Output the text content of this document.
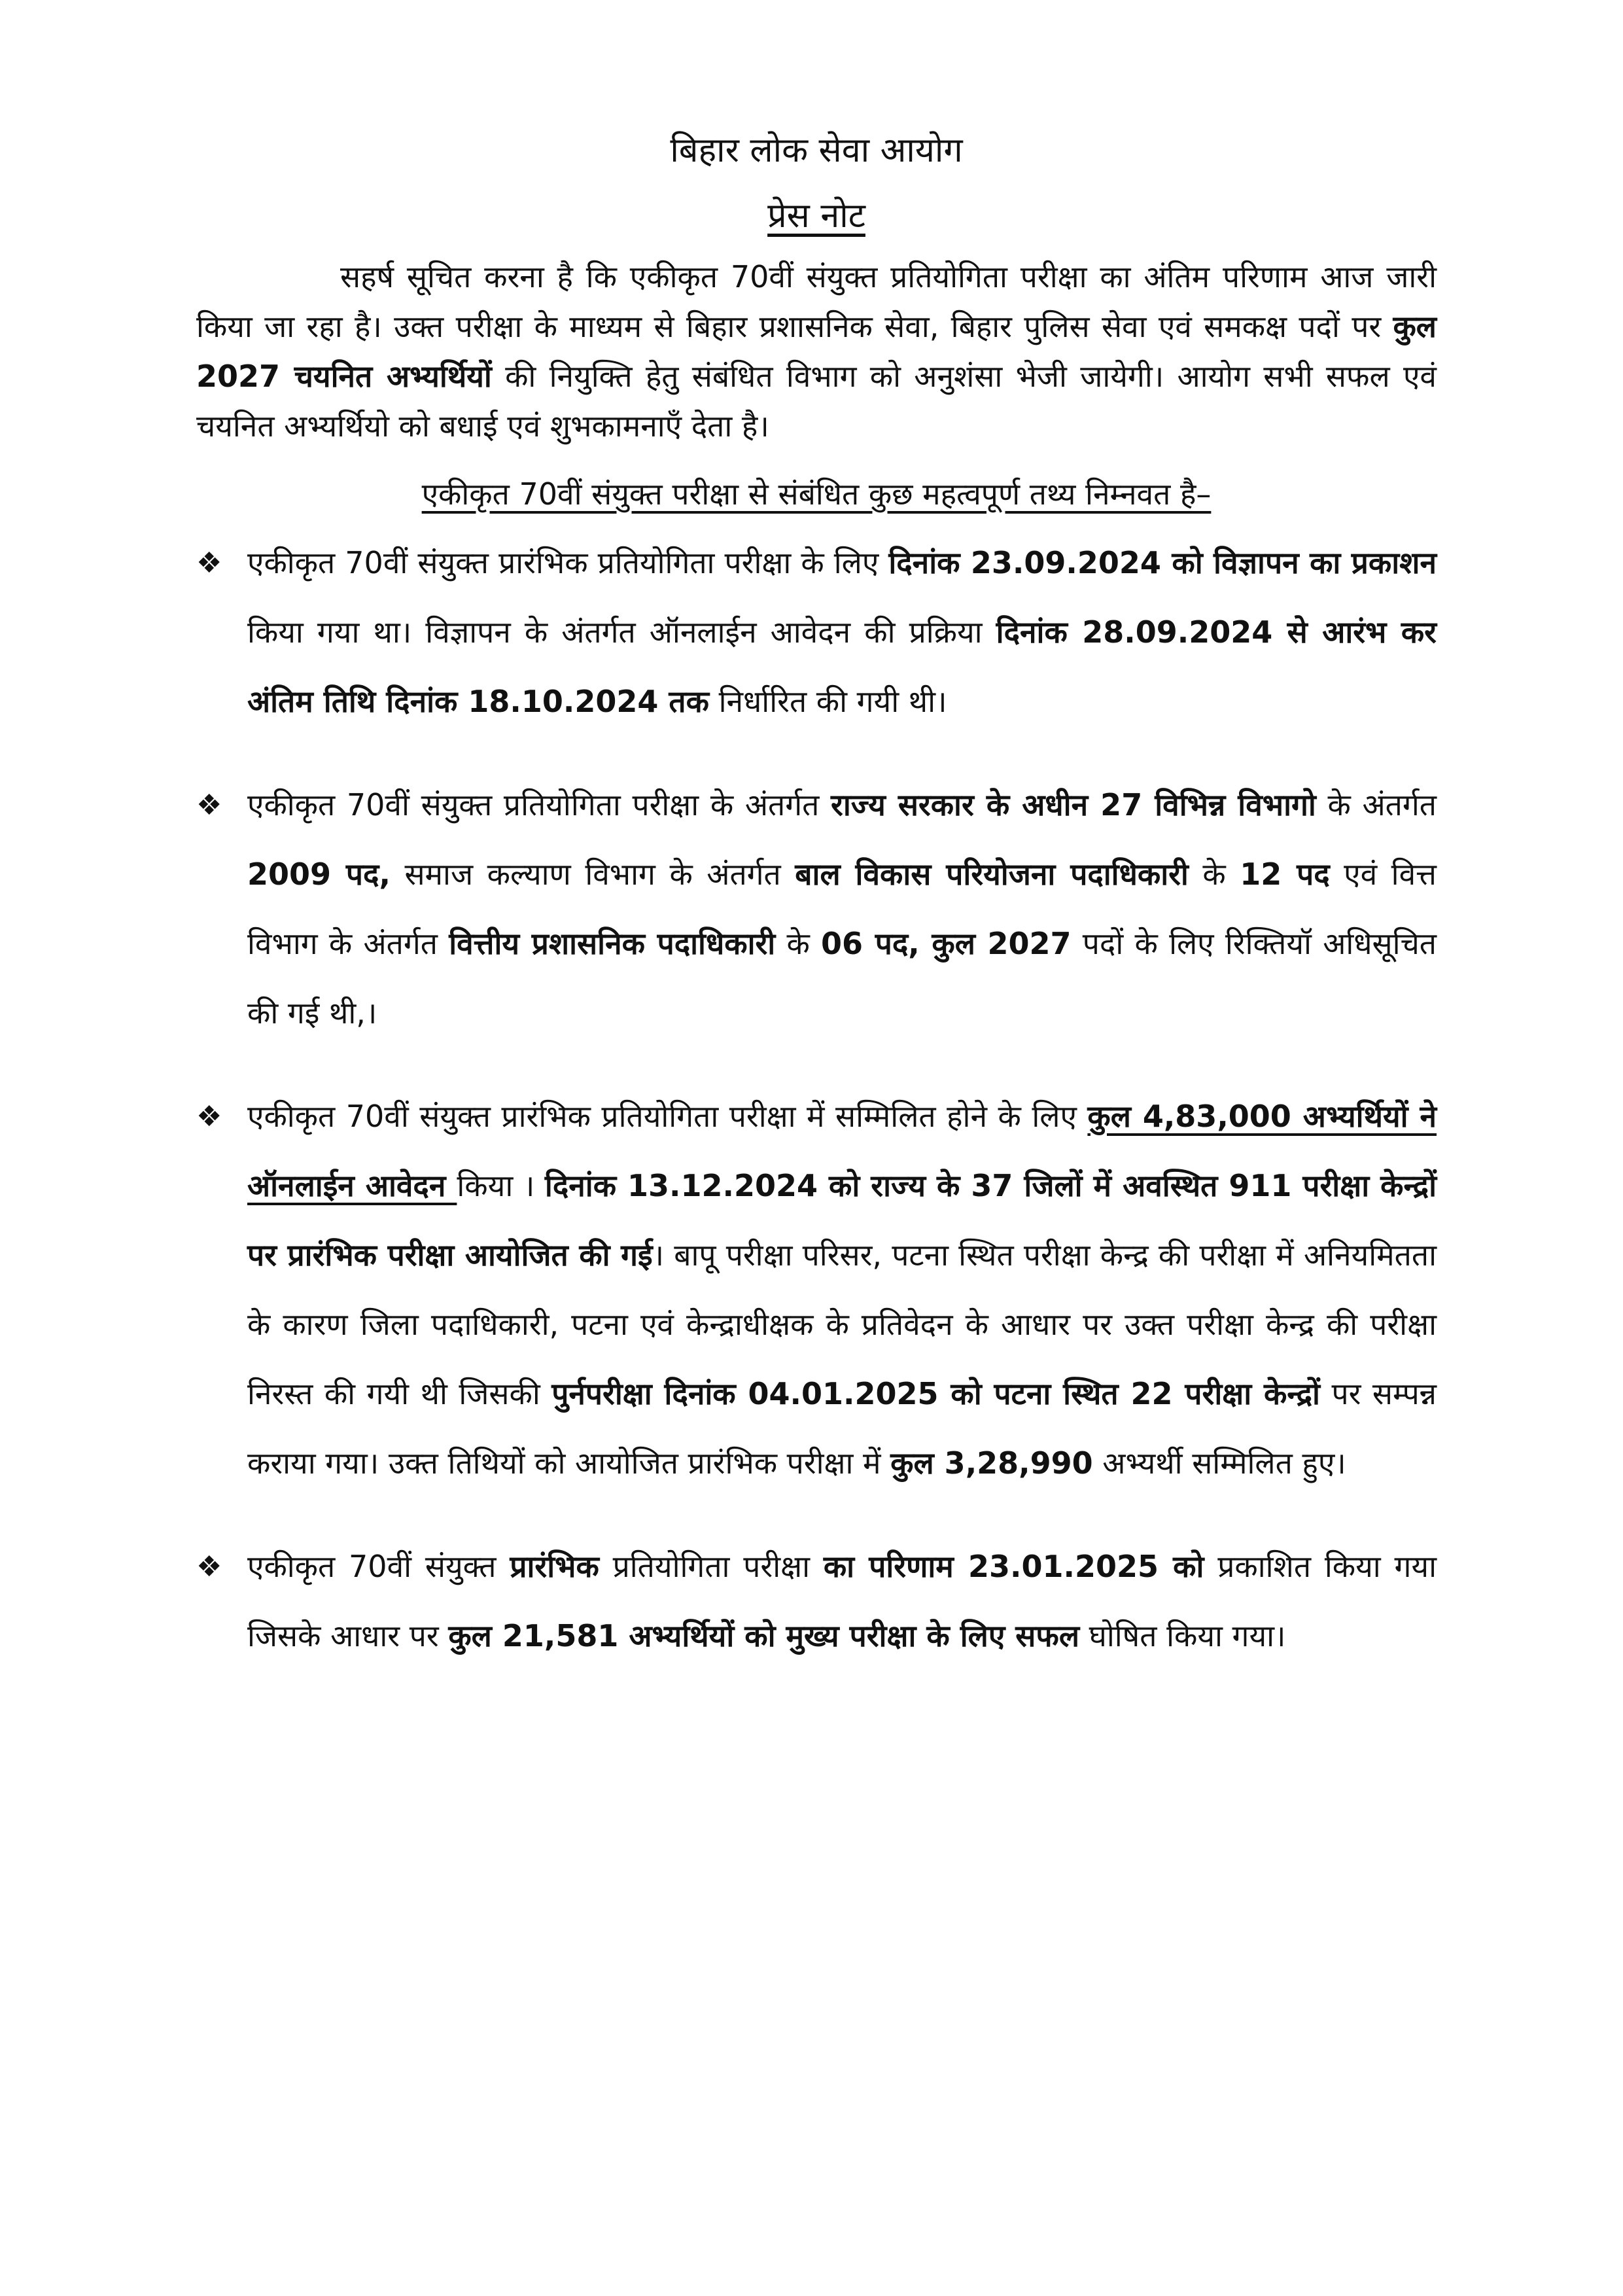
बिहार लोक सेवा आयोग
प्रेस नोट

सहर्ष सूचित करना है कि एकीकृत 70वीं संयुक्त प्रतियोगिता परीक्षा का अंतिम परिणाम आज जारी किया जा रहा है। उक्त परीक्षा के माध्यम से बिहार प्रशासनिक सेवा, बिहार पुलिस सेवा एवं समकक्ष पदों पर कुल 2027 चयनित अभ्यर्थियों की नियुक्ति हेतु संबंधित विभाग को अनुशंसा भेजी जायेगी। आयोग सभी सफल एवं चयनित अभ्यर्थियो को बधाई एवं शुभकामनाएँ देता है।

एकीकृत 70वीं संयुक्त परीक्षा से संबंधित कुछ महत्वपूर्ण तथ्य निम्नवत है–
❖ एकीकृत 70वीं संयुक्त प्रारंभिक प्रतियोगिता परीक्षा के लिए दिनांक 23.09.2024 को विज्ञापन का प्रकाशन किया गया था। विज्ञापन के अंतर्गत ऑनलाईन आवेदन की प्रक्रिया दिनांक 28.09.2024 से आरंभ कर अंतिम तिथि दिनांक 18.10.2024 तक निर्धारित की गयी थी।

❖ एकीकृत 70वीं संयुक्त प्रतियोगिता परीक्षा के अंतर्गत राज्य सरकार के अधीन 27 विभिन्न विभागो के अंतर्गत 2009 पद, समाज कल्याण विभाग के अंतर्गत बाल विकास परियोजना पदाधिकारी के 12 पद एवं वित्त विभाग के अंतर्गत वित्तीय प्रशासनिक पदाधिकारी के 06 पद, कुल 2027 पदों के लिए रिक्तियॉ अधिसूचित की गई थी,।

❖ एकीकृत 70वीं संयुक्त प्रारंभिक प्रतियोगिता परीक्षा में सम्मिलित होने के लिए कुल 4,83,000 अभ्यर्थियों ने ऑनलाईन आवेदन किया । दिनांक 13.12.2024 को राज्य के 37 जिलों में अवस्थित 911 परीक्षा केन्द्रों पर प्रारंभिक परीक्षा आयोजित की गई। बापू परीक्षा परिसर, पटना स्थित परीक्षा केन्द्र की परीक्षा में अनियमितता के कारण जिला पदाधिकारी, पटना एवं केन्द्राधीक्षक के प्रतिवेदन के आधार पर उक्त परीक्षा केन्द्र की परीक्षा निरस्त की गयी थी जिसकी पुर्नपरीक्षा दिनांक 04.01.2025 को पटना स्थित 22 परीक्षा केन्द्रों पर सम्पन्न कराया गया। उक्त तिथियों को आयोजित प्रारंभिक परीक्षा में कुल 3,28,990 अभ्यर्थी सम्मिलित हुए।

❖ एकीकृत 70वीं संयुक्त प्रारंभिक प्रतियोगिता परीक्षा का परिणाम 23.01.2025 को प्रकाशित किया गया जिसके आधार पर कुल 21,581 अभ्यर्थियों को मुख्य परीक्षा के लिए सफल घोषित किया गया।
